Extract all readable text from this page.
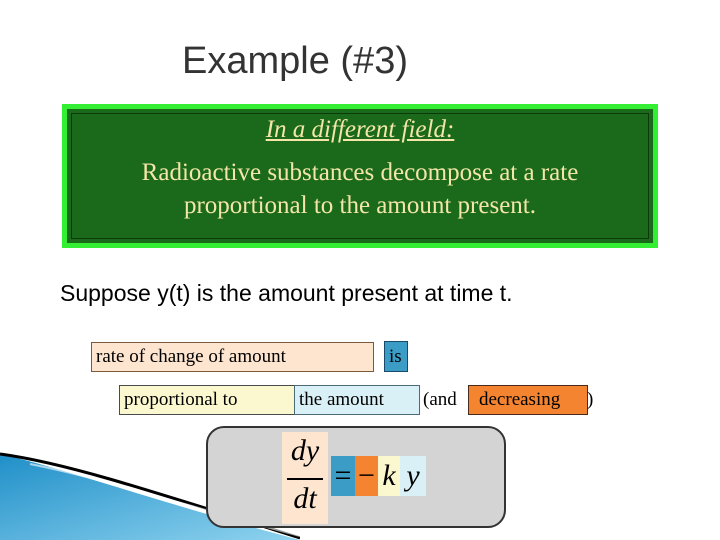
Example (#3)
In a different field:
Radioactive substances decompose at a rate
proportional to the amount present.
Suppose y(t) is the amount present at time t.
rate of change of amount	is
proportional to	the amount	(and	decreasing	)
dy
dt
= − k y
